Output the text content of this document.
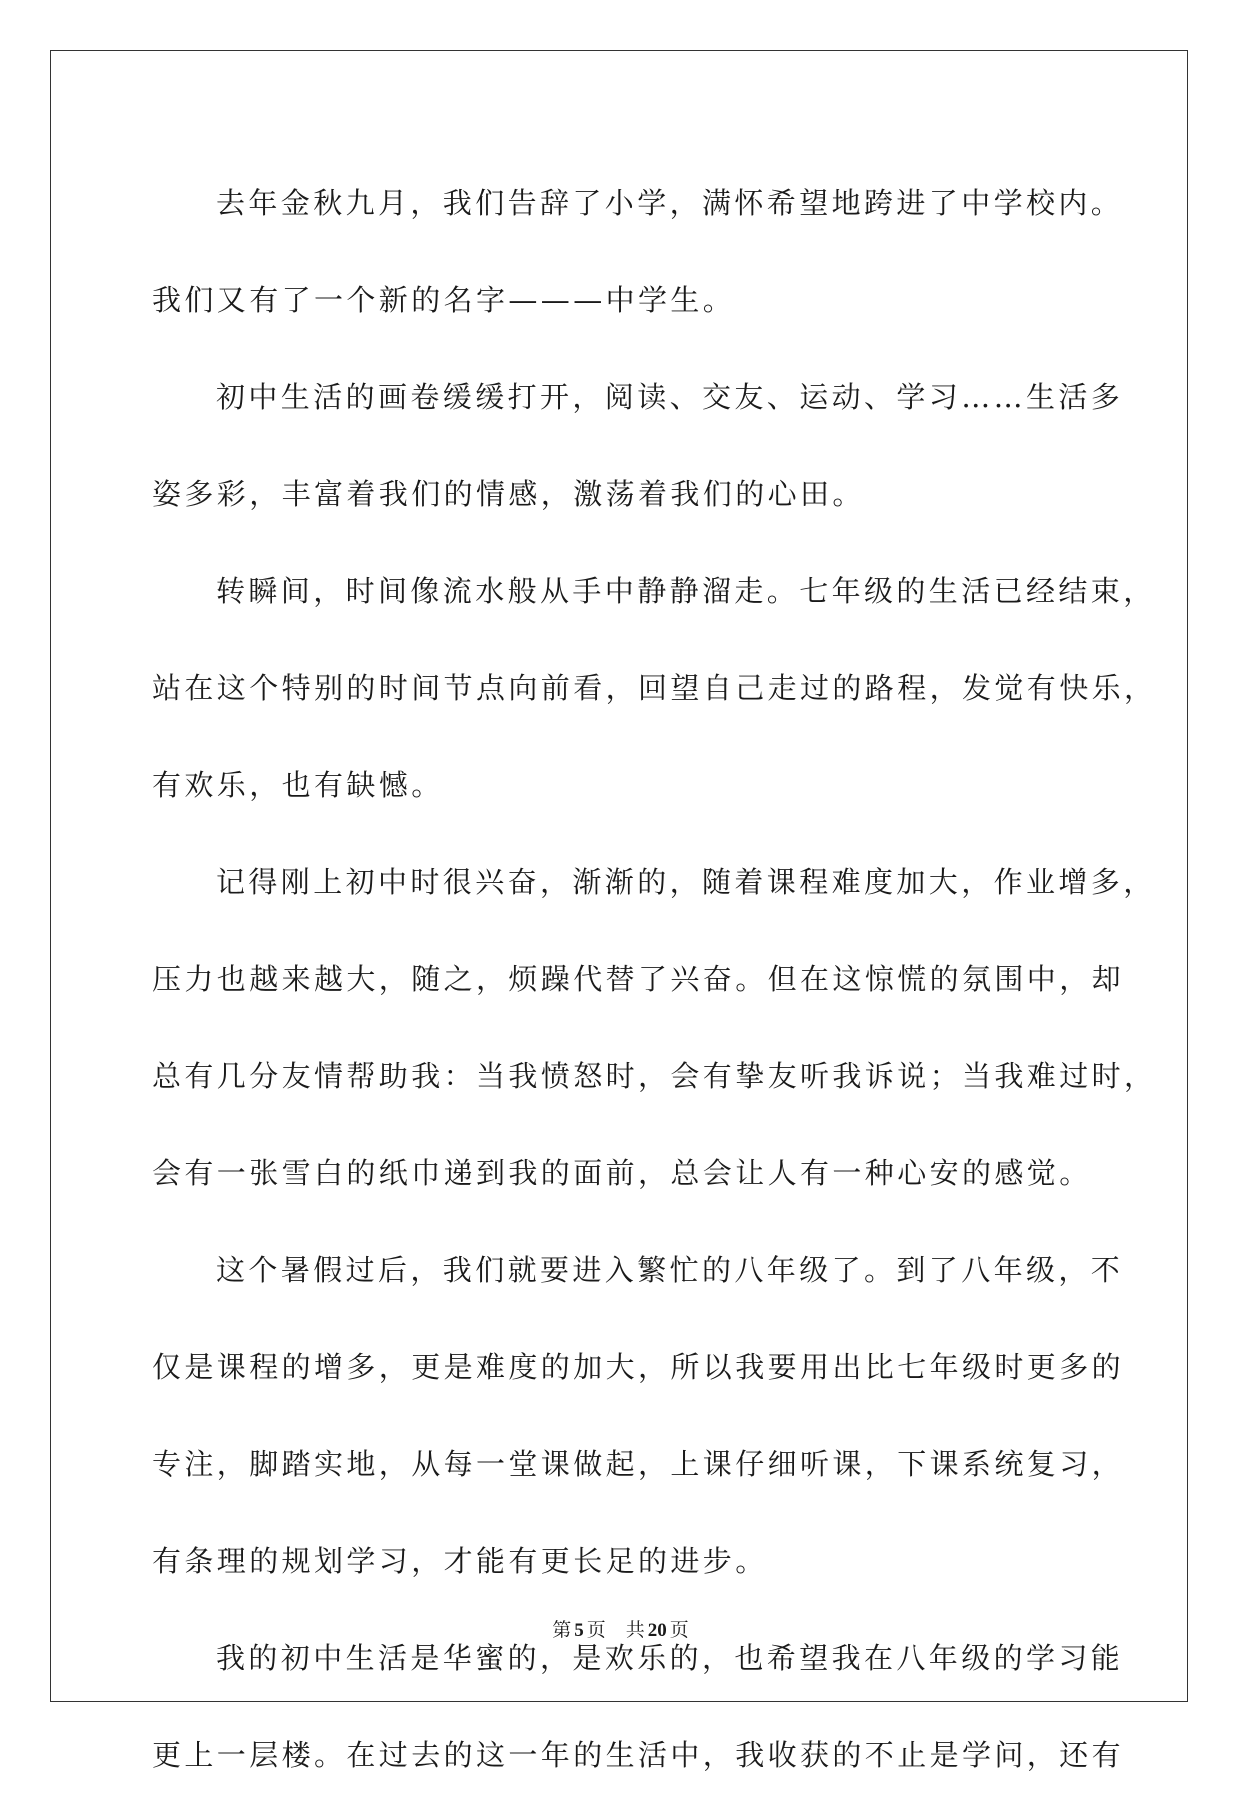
去年金秋九月，我们告辞了小学，满怀希望地跨进了中学校内。
我们又有了一个新的名字———中学生。
初中生活的画卷缓缓打开，阅读、交友、运动、学习……生活多
姿多彩，丰富着我们的情感，激荡着我们的心田。
转瞬间，时间像流水般从手中静静溜走。七年级的生活已经结束，
站在这个特别的时间节点向前看，回望自己走过的路程，发觉有快乐，
有欢乐，也有缺憾。
记得刚上初中时很兴奋，渐渐的，随着课程难度加大，作业增多，
压力也越来越大，随之，烦躁代替了兴奋。但在这惊慌的氛围中，却
总有几分友情帮助我：当我愤怒时，会有挚友听我诉说；当我难过时，
会有一张雪白的纸巾递到我的面前，总会让人有一种心安的感觉。
这个暑假过后，我们就要进入繁忙的八年级了。到了八年级，不
仅是课程的增多，更是难度的加大，所以我要用出比七年级时更多的
专注，脚踏实地，从每一堂课做起，上课仔细听课，下课系统复习，
有条理的规划学习，才能有更长足的进步。
我的初中生活是华蜜的，是欢乐的，也希望我在八年级的学习能
更上一层楼。在过去的这一年的生活中，我收获的不止是学问，还有
第 5 页 共 20 页
